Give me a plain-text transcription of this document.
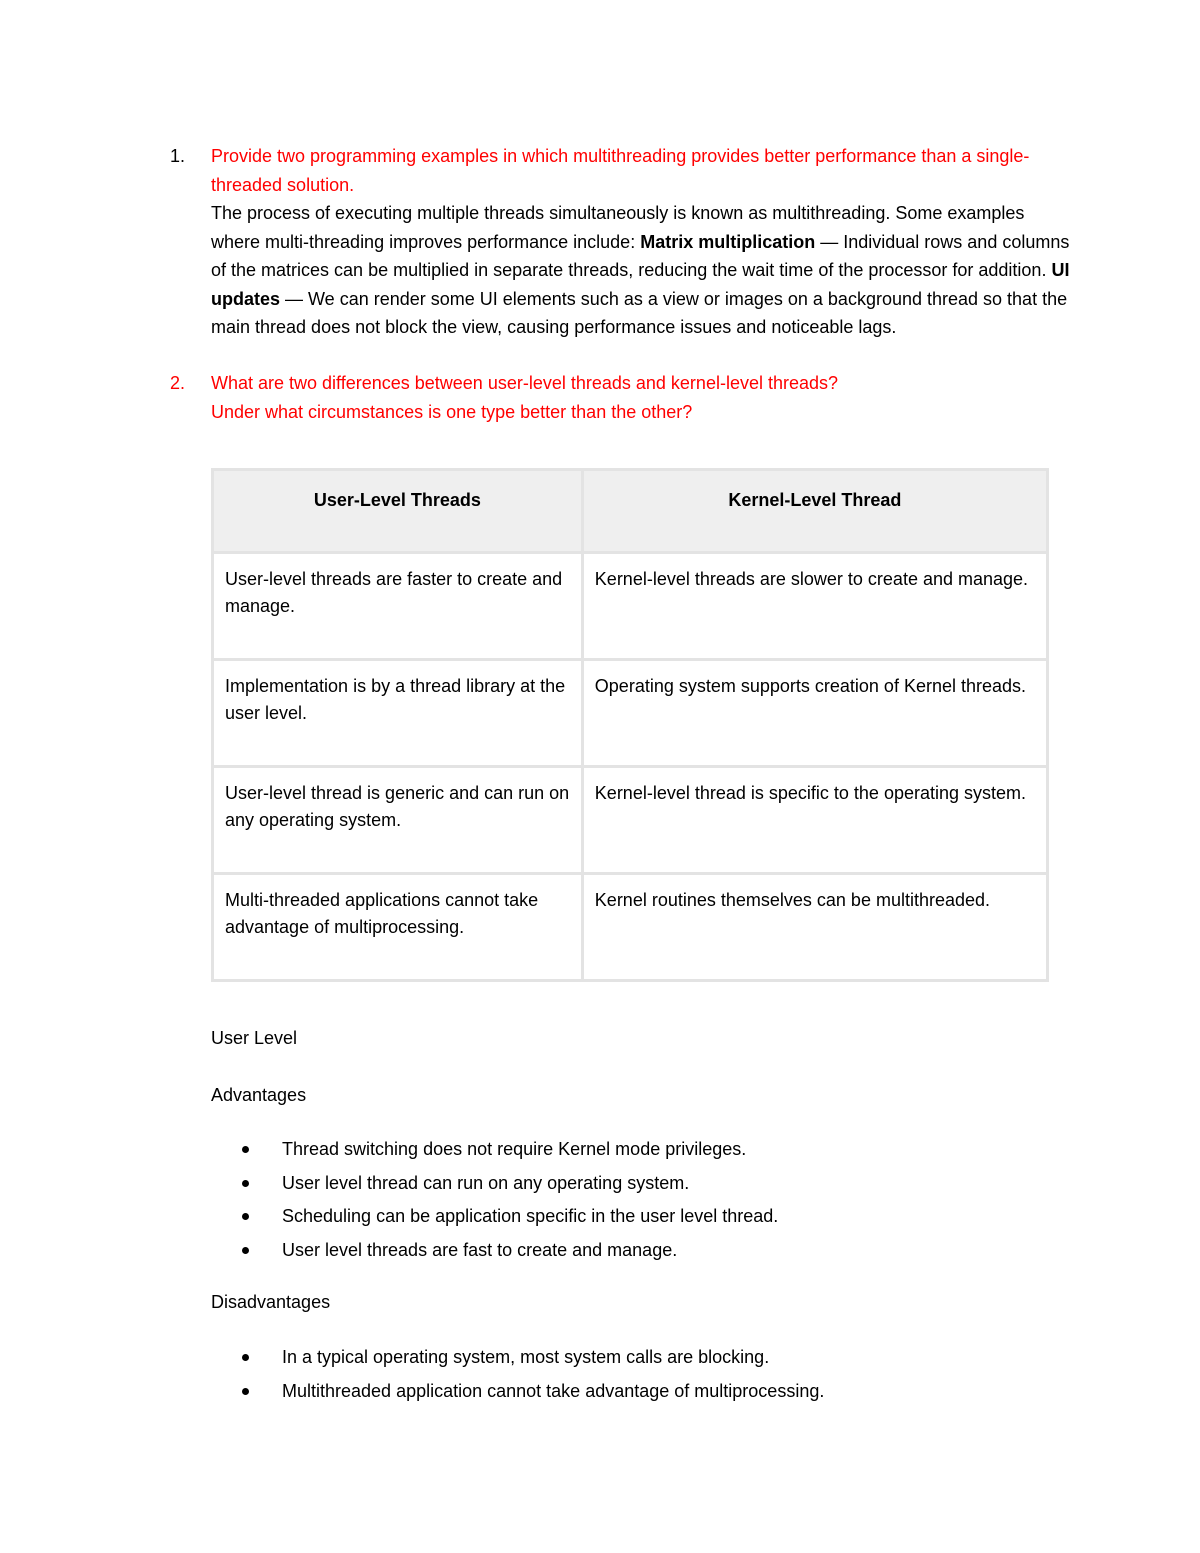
1. Provide two programming examples in which multithreading provides better performance than a single-threaded solution.
The process of executing multiple threads simultaneously is known as multithreading. Some examples where multi-threading improves performance include: Matrix multiplication — Individual rows and columns of the matrices can be multiplied in separate threads, reducing the wait time of the processor for addition. UI updates — We can render some UI elements such as a view or images on a background thread so that the main thread does not block the view, causing performance issues and noticeable lags.
2. What are two differences between user-level threads and kernel-level threads?
Under what circumstances is one type better than the other?
User-Level Threads	Kernel-Level Thread
User-level threads are faster to create and manage.	Kernel-level threads are slower to create and manage.
Implementation is by a thread library at the user level.	Operating system supports creation of Kernel threads.
User-level thread is generic and can run on any operating system.	Kernel-level thread is specific to the operating system.
Multi-threaded applications cannot take advantage of multiprocessing.	Kernel routines themselves can be multithreaded.
User Level
Advantages
Thread switching does not require Kernel mode privileges.
User level thread can run on any operating system.
Scheduling can be application specific in the user level thread.
User level threads are fast to create and manage.
Disadvantages
In a typical operating system, most system calls are blocking.
Multithreaded application cannot take advantage of multiprocessing.
